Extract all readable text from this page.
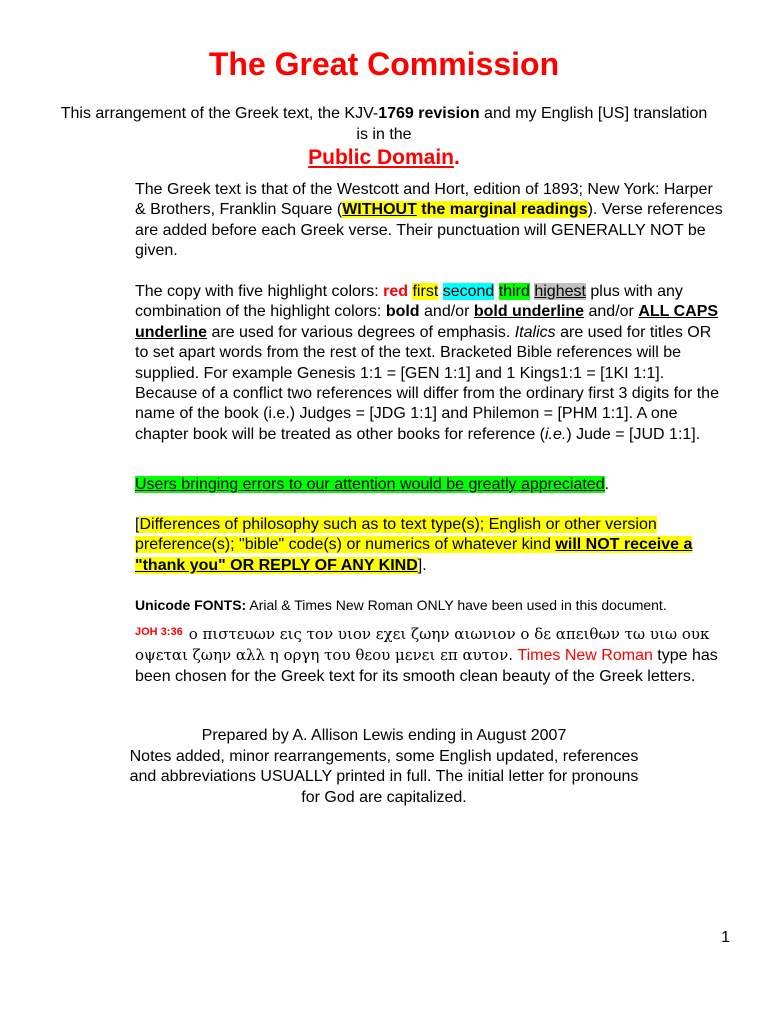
The Great Commission
This arrangement of the Greek text, the KJV-1769 revision and my English [US] translation is in the
Public Domain.
The Greek text is that of the Westcott and Hort, edition of 1893; New York: Harper & Brothers, Franklin Square (WITHOUT the marginal readings). Verse references are added before each Greek verse. Their punctuation will GENERALLY NOT be given.
The copy with five highlight colors: red first second third highest plus with any combination of the highlight colors: bold and/or bold underline and/or ALL CAPS underline are used for various degrees of emphasis. Italics are used for titles OR to set apart words from the rest of the text. Bracketed Bible references will be supplied. For example Genesis 1:1 = [GEN 1:1] and 1 Kings1:1 = [1KI 1:1]. Because of a conflict two references will differ from the ordinary first 3 digits for the name of the book (i.e.) Judges = [JDG 1:1] and Philemon = [PHM 1:1]. A one chapter book will be treated as other books for reference (i.e.) Jude = [JUD 1:1].
Users bringing errors to our attention would be greatly appreciated.
[Differences of philosophy such as to text type(s); English or other version preference(s); "bible" code(s) or numerics of whatever kind will NOT receive a "thank you" OR REPLY OF ANY KIND].
Unicode FONTS: Arial & Times New Roman ONLY have been used in this document.
$^{JOH 3:36}$ ο πιστευων εις τον υιον εχει ζωην αιωνιον ο δε απειθων τω υιω ουκ οψεται ζωην αλλ η οργη του θεου μενει επ αυτον. Times New Roman type has been chosen for the Greek text for its smooth clean beauty of the Greek letters.
Prepared by A. Allison Lewis ending in August 2007
Notes added, minor rearrangements, some English updated, references and abbreviations USUALLY printed in full. The initial letter for pronouns for God are capitalized.
1
